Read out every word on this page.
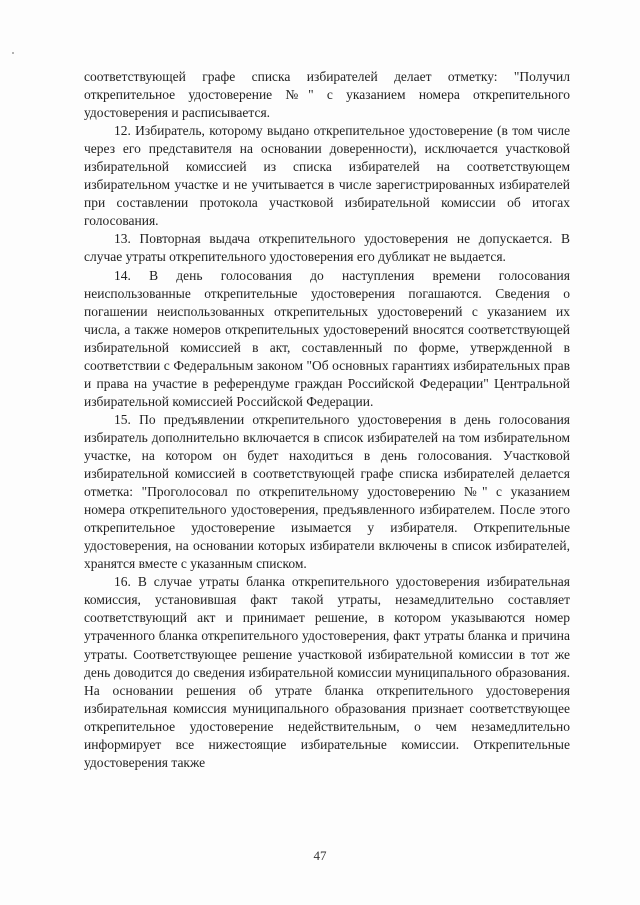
соответствующей графе списка избирателей делает отметку: "Получил открепительное удостоверение №" с указанием номера открепительного удостоверения и расписывается.

12. Избиратель, которому выдано открепительное удостоверение (в том числе через его представителя на основании доверенности), исключается участковой избирательной комиссией из списка избирателей на соответствующем избирательном участке и не учитывается в числе зарегистрированных избирателей при составлении протокола участковой избирательной комиссии об итогах голосования.

13. Повторная выдача открепительного удостоверения не допускается. В случае утраты открепительного удостоверения его дубликат не выдается.

14. В день голосования до наступления времени голосования неиспользованные открепительные удостоверения погашаются. Сведения о погашении неиспользованных открепительных удостоверений с указанием их числа, а также номеров открепительных удостоверений вносятся соответствующей избирательной комиссией в акт, составленный по форме, утвержденной в соответствии с Федеральным законом "Об основных гарантиях избирательных прав и права на участие в референдуме граждан Российской Федерации" Центральной избирательной комиссией Российской Федерации.

15. По предъявлении открепительного удостоверения в день голосования избиратель дополнительно включается в список избирателей на том избирательном участке, на котором он будет находиться в день голосования. Участковой избирательной комиссией в соответствующей графе списка избирателей делается отметка: "Проголосовал по открепительному удостоверению №" с указанием номера открепительного удостоверения, предъявленного избирателем. После этого открепительное удостоверение изымается у избирателя. Открепительные удостоверения, на основании которых избиратели включены в список избирателей, хранятся вместе с указанным списком.

16. В случае утраты бланка открепительного удостоверения избирательная комиссия, установившая факт такой утраты, незамедлительно составляет соответствующий акт и принимает решение, в котором указываются номер утраченного бланка открепительного удостоверения, факт утраты бланка и причина утраты. Соответствующее решение участковой избирательной комиссии в тот же день доводится до сведения избирательной комиссии муниципального образования. На основании решения об утрате бланка открепительного удостоверения избирательная комиссия муниципального образования признает соответствующее открепительное удостоверение недействительным, о чем незамедлительно информирует все нижестоящие избирательные комиссии. Открепительные удостоверения также

47
